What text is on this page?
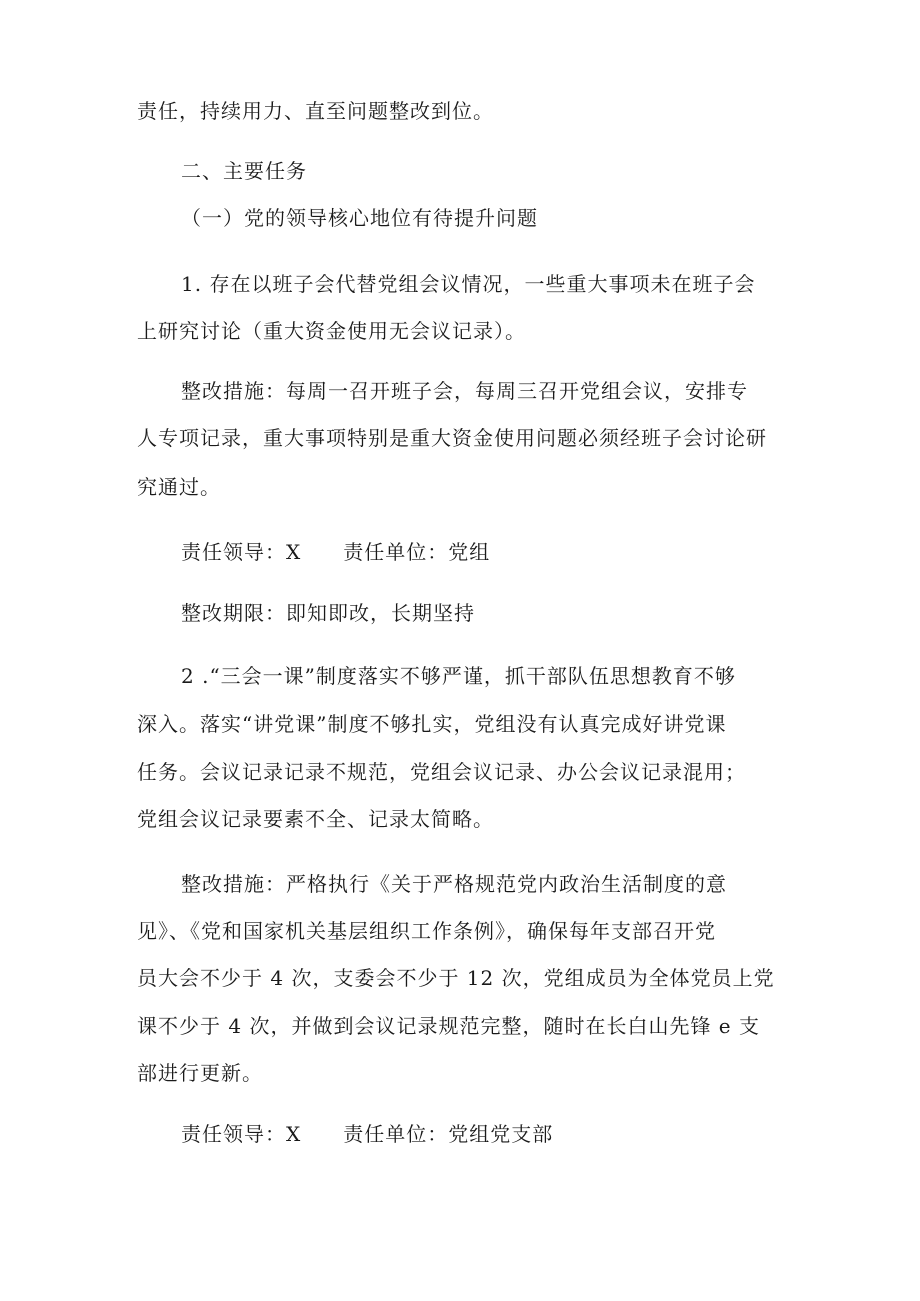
责任，持续用力、直至问题整改到位。
二、主要任务
（一）党的领导核心地位有待提升问题
1. 存在以班子会代替党组会议情况，一些重大事项未在班子会
上研究讨论（重大资金使用无会议记录）。
整改措施：每周一召开班子会，每周三召开党组会议，安排专
人专项记录，重大事项特别是重大资金使用问题必须经班子会讨论研
究通过。
责任领导：X 责任单位：党组
整改期限：即知即改，长期坚持
2 .“三会一课”制度落实不够严谨，抓干部队伍思想教育不够
深入。落实“讲党课”制度不够扎实，党组没有认真完成好讲党课
任务。会议记录记录不规范，党组会议记录、办公会议记录混用；
党组会议记录要素不全、记录太简略。
整改措施：严格执行《关于严格规范党内政治生活制度的意
见》、《党和国家机关基层组织工作条例》，确保每年支部召开党
员大会不少于 4 次，支委会不少于 12 次，党组成员为全体党员上党
课不少于 4 次，并做到会议记录规范完整，随时在长白山先锋 e 支
部进行更新。
责任领导：X 责任单位：党组党支部
